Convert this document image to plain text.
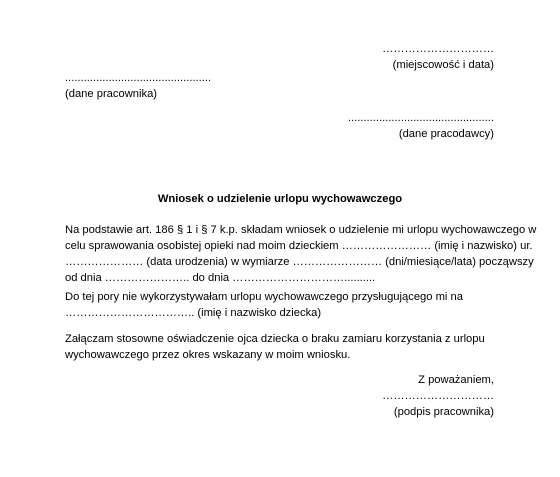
…………………………
(miejscowość i data)
...............................................
(dane pracownika)
...............................................
(dane pracodawcy)
Wniosek o udzielenie urlopu wychowawczego
Na podstawie art. 186 § 1 i § 7 k.p. składam wniosek o udzielenie mi urlopu wychowawczego w
celu sprawowania osobistej opieki nad moim dzieckiem …………………… (imię i nazwisko) ur.
………………… (data urodzenia) w wymiarze …………………… (dni/miesiące/lata) począwszy
od dnia ………………….. do dnia …………………………..........
Do tej pory nie wykorzystywałam urlopu wychowawczego przysługującego mi na
…………………………….. (imię i nazwisko dziecka)
Załączam stosowne oświadczenie ojca dziecka o braku zamiaru korzystania z urlopu
wychowawczego przez okres wskazany w moim wniosku.
Z poważaniem,
…………………………
(podpis pracownika)
